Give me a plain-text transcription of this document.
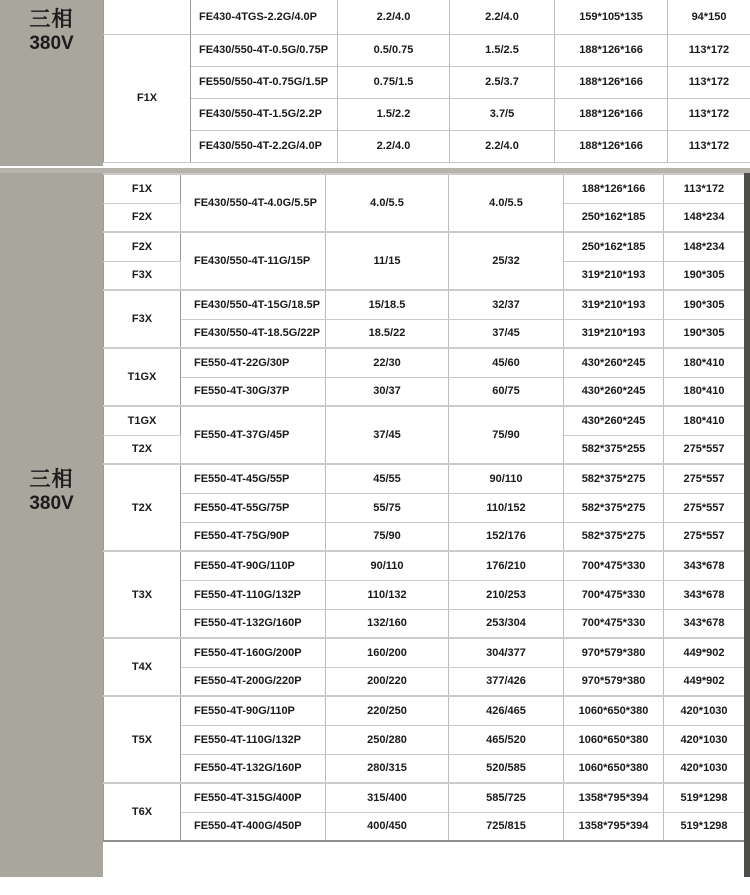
三相
380V
	FE430-4TGS-2.2G/4.0P	2.2/4.0	2.2/4.0	159*105*135	94*150
F1X	FE430/550-4T-0.5G/0.75P	0.5/0.75	1.5/2.5	188*126*166	113*172
	FE550/550-4T-0.75G/1.5P	0.75/1.5	2.5/3.7	188*126*166	113*172
	FE430/550-4T-1.5G/2.2P	1.5/2.2	3.7/5	188*126*166	113*172
	FE430/550-4T-2.2G/4.0P	2.2/4.0	2.2/4.0	188*126*166	113*172
三相
380V
F1X	FE430/550-4T-4.0G/5.5P	4.0/5.5	4.0/5.5	188*126*166	113*172
F2X				250*162*185	148*234
F2X	FE430/550-4T-11G/15P	11/15	25/32	250*162*185	148*234
F3X				319*210*193	190*305
F3X	FE430/550-4T-15G/18.5P	15/18.5	32/37	319*210*193	190*305
	FE430/550-4T-18.5G/22P	18.5/22	37/45	319*210*193	190*305
T1GX	FE550-4T-22G/30P	22/30	45/60	430*260*245	180*410
	FE550-4T-30G/37P	30/37	60/75	430*260*245	180*410
T1GX	FE550-4T-37G/45P	37/45	75/90	430*260*245	180*410
T2X				582*375*255	275*557
T2X	FE550-4T-45G/55P	45/55	90/110	582*375*275	275*557
	FE550-4T-55G/75P	55/75	110/152	582*375*275	275*557
	FE550-4T-75G/90P	75/90	152/176	582*375*275	275*557
T3X	FE550-4T-90G/110P	90/110	176/210	700*475*330	343*678
	FE550-4T-110G/132P	110/132	210/253	700*475*330	343*678
	FE550-4T-132G/160P	132/160	253/304	700*475*330	343*678
T4X	FE550-4T-160G/200P	160/200	304/377	970*579*380	449*902
	FE550-4T-200G/220P	200/220	377/426	970*579*380	449*902
T5X	FE550-4T-90G/110P	220/250	426/465	1060*650*380	420*1030
	FE550-4T-110G/132P	250/280	465/520	1060*650*380	420*1030
	FE550-4T-132G/160P	280/315	520/585	1060*650*380	420*1030
T6X	FE550-4T-315G/400P	315/400	585/725	1358*795*394	519*1298
	FE550-4T-400G/450P	400/450	725/815	1358*795*394	519*1298
